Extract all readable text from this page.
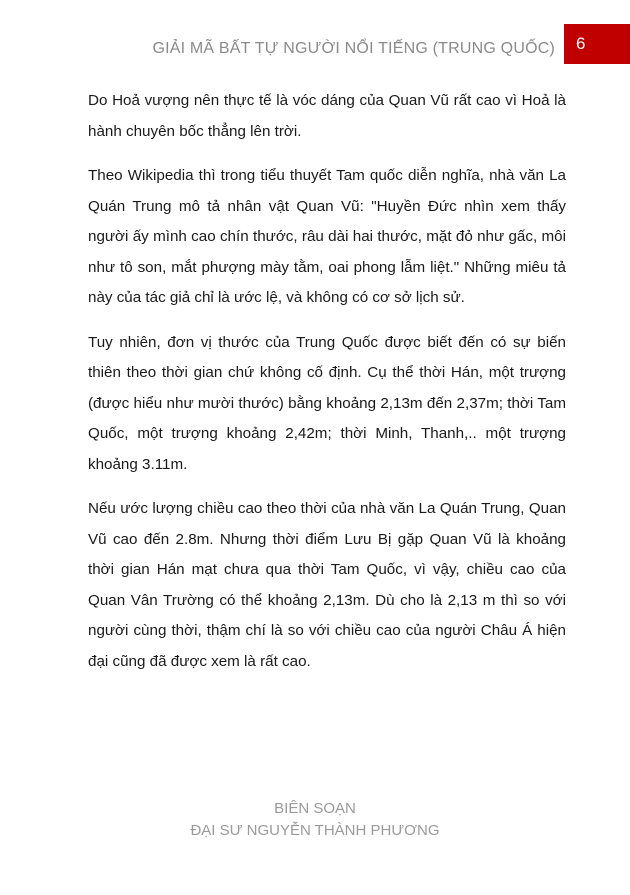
GIẢI MÃ BẤT TỰ NGƯỜI NỔI TIẾNG (TRUNG QUỐC)	6

Do Hoả vượng nên thực tế là vóc dáng của Quan Vũ rất cao vì Hoả là hành chuyên bốc thẳng lên trời.

Theo Wikipedia thì trong tiểu thuyết Tam quốc diễn nghĩa, nhà văn La Quán Trung mô tả nhân vật Quan Vũ: "Huyền Đức nhìn xem thấy người ấy mình cao chín thước, râu dài hai thước, mặt đỏ như gấc, môi như tô son, mắt phượng mày tằm, oai phong lẫm liệt." Những miêu tả này của tác giả chỉ là ước lệ, và không có cơ sở lịch sử.

Tuy nhiên, đơn vị thước của Trung Quốc được biết đến có sự biến thiên theo thời gian chứ không cố định. Cụ thể thời Hán, một trượng (được hiểu như mười thước) bằng khoảng 2,13m đến 2,37m; thời Tam Quốc, một trượng khoảng 2,42m; thời Minh, Thanh,.. một trượng khoảng 3.11m.

Nếu ước lượng chiều cao theo thời của nhà văn La Quán Trung, Quan Vũ cao đến 2.8m. Nhưng thời điểm Lưu Bị gặp Quan Vũ là khoảng thời gian Hán mạt chưa qua thời Tam Quốc, vì vậy, chiều cao của Quan Vân Trường có thể khoảng 2,13m. Dù cho là 2,13 m thì so với người cùng thời, thậm chí là so với chiều cao của người Châu Á hiện đại cũng đã được xem là rất cao.

BIÊN SOẠN
ĐẠI SƯ NGUYỄN THÀNH PHƯƠNG
